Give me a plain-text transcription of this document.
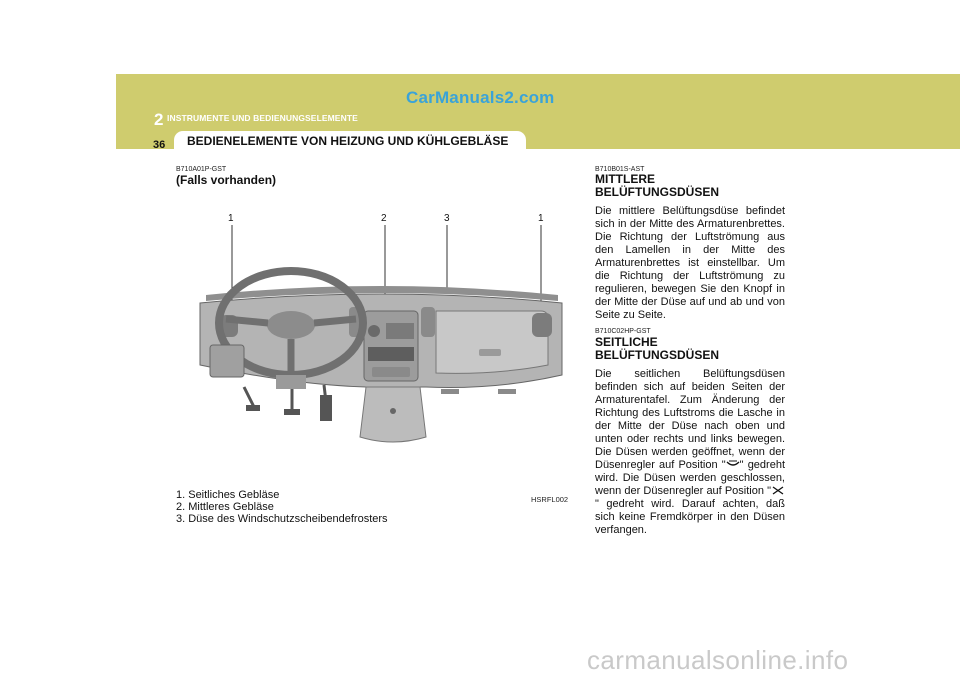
CarManuals2.com
2 INSTRUMENTE UND BEDIENUNGSELEMENTE
36 BEDIENELEMENTE VON HEIZUNG UND KÜHLGEBLÄSE
B710A01P-GST
(Falls vorhanden)
1	2	3	1
HSRFL002
1. Seitliches Gebläse
2. Mittleres Gebläse
3. Düse des Windschutzscheibendefrosters
B710B01S-AST
MITTLERE
BELÜFTUNGSDÜSEN
Die mittlere Belüftungsdüse befindet sich in der Mitte des Armaturenbrettes. Die Richtung der Luftströmung aus den Lamellen in der Mitte des Armaturenbrettes ist einstellbar. Um die Richtung der Luftströmung zu regulieren, bewegen Sie den Knopf in der Mitte der Düse auf und ab und von Seite zu Seite.
B710C02HP-GST
SEITLICHE
BELÜFTUNGSDÜSEN
Die seitlichen Belüftungsdüsen befinden sich auf beiden Seiten der Armaturentafel. Zum Änderung der Richtung des Luftstroms die Lasche in der Mitte der Düse nach oben und unten oder rechts und links bewegen. Die Düsen werden geöffnet, wenn der Düsenregler auf Position " " gedreht wird. Die Düsen werden geschlossen, wenn der Düsenregler auf Position "" gedreht wird. Darauf achten, daß sich keine Fremdkörper in den Düsen verfangen.
carmanualsonline.info
